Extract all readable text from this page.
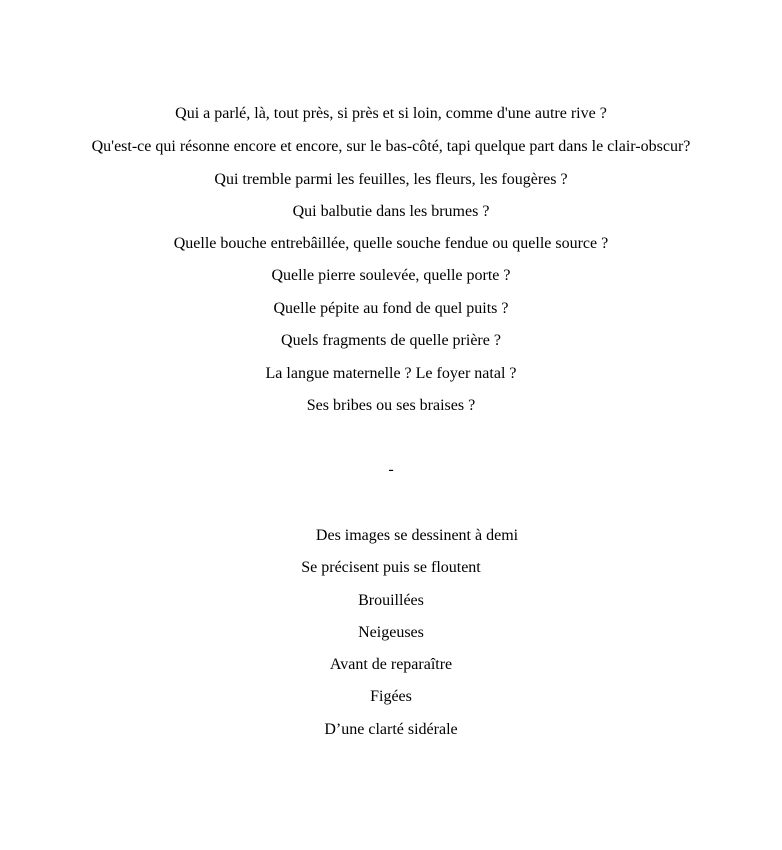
Qui a parlé, là, tout près, si près et si loin, comme d'une autre rive ?
Qu'est-ce qui résonne encore et encore, sur le bas-côté, tapi quelque part dans le clair-obscur?
Qui tremble parmi les feuilles, les fleurs, les fougères ?
Qui balbutie dans les brumes ?
Quelle bouche entrebâillée, quelle souche fendue ou quelle source ?
Quelle pierre soulevée, quelle porte ?
Quelle pépite au fond de quel puits ?
Quels fragments de quelle prière ?
La langue maternelle ? Le foyer natal ?
Ses bribes ou ses braises ?
-
Des images se dessinent à demi
Se précisent puis se floutent
Brouillées
Neigeuses
Avant de reparaître
Figées
D’une clarté sidérale
